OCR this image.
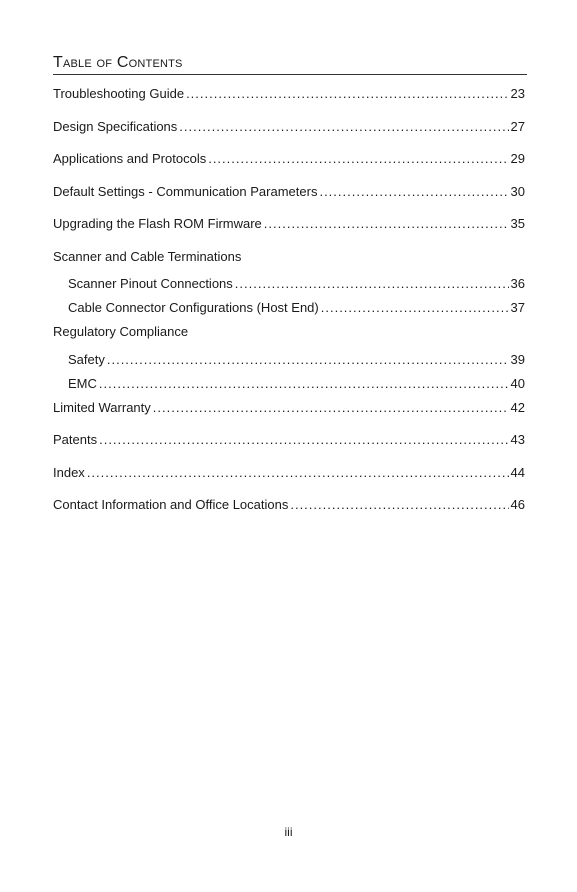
Table of Contents
Troubleshooting Guide .....	23
Design Specifications .....	27
Applications and Protocols .....	29
Default Settings - Communication Parameters .....	30
Upgrading the Flash ROM Firmware .....	35
Scanner and Cable Terminations
Scanner Pinout Connections .....	36
Cable Connector Configurations (Host End) .....	37
Regulatory Compliance
Safety .....	39
EMC .....	40
Limited Warranty .....	42
Patents .....	43
Index .....	44
Contact Information and Office Locations .....	46
iii
